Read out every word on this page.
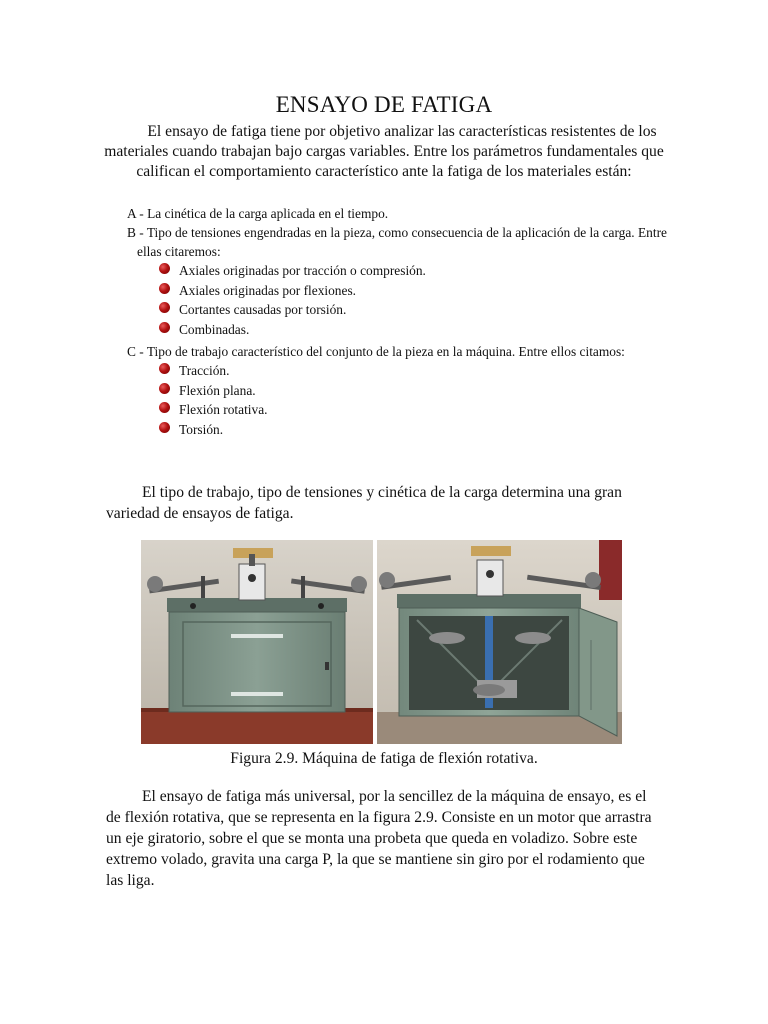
ENSAYO DE FATIGA

El ensayo de fatiga tiene por objetivo analizar las características resistentes de los materiales cuando trabajan bajo cargas variables. Entre los parámetros fundamentales que califican el comportamiento característico ante la fatiga de los materiales están:

A - La cinética de la carga aplicada en el tiempo.
B - Tipo de tensiones engendradas en la pieza, como consecuencia de la aplicación de la carga. Entre ellas citaremos:
Axiales originadas por tracción o compresión.
Axiales originadas por flexiones.
Cortantes causadas por torsión.
Combinadas.
C - Tipo de trabajo característico del conjunto de la pieza en la máquina. Entre ellos citamos:
Tracción.
Flexión plana.
Flexión rotativa.
Torsión.

El tipo de trabajo, tipo de tensiones y cinética de la carga determina una gran variedad de ensayos de fatiga.

Figura 2.9. Máquina de fatiga de flexión rotativa.

El ensayo de fatiga más universal, por la sencillez de la máquina de ensayo, es el de flexión rotativa, que se representa en la figura 2.9. Consiste en un motor que arrastra un eje giratorio, sobre el que se monta una probeta que queda en voladizo. Sobre este extremo volado, gravita una carga P, la que se mantiene sin giro por el rodamiento que las liga.
